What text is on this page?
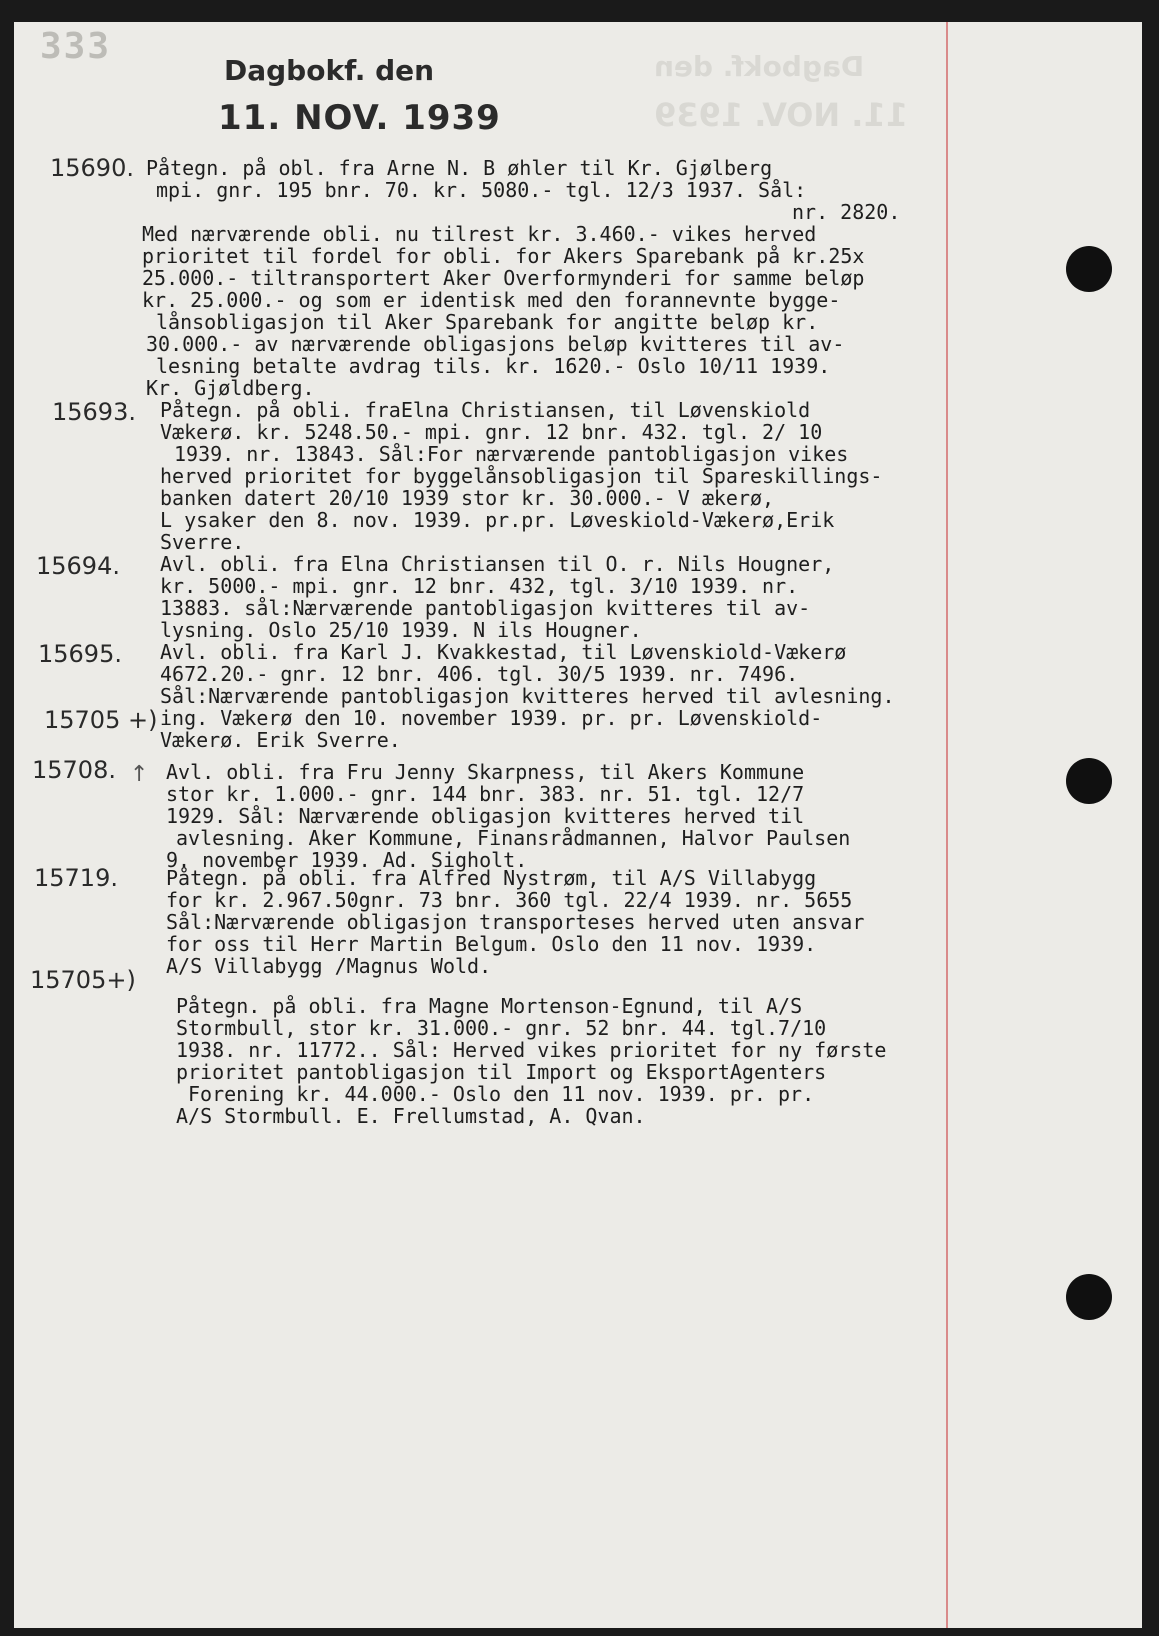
333	Dagbokf. den
11. NOV. 1939
Dagbokf. den
11. NOV. 1939
15690. Påtegn. på obl. fra Arne N. B øhler til Kr. Gjølberg
mpi. gnr. 195 bnr. 70. kr. 5080.- tgl. 12/3 1937. Sål:
nr. 2820.
Med nærværende obli. nu tilrest kr. 3.460.- vikes herved
prioritet til fordel for obli. for Akers Sparebank på kr.25x
25.000.- tiltransportert Aker Overformynderi for samme beløp
kr. 25.000.- og som er identisk med den forannevnte bygge-
lånsobligasjon til Aker Sparebank for angitte beløp kr.
30.000.- av nærværende obligasjons beløp kvitteres til av-
lesning betalte avdrag tils. kr. 1620.- Oslo 10/11 1939.
Kr. Gjøldberg.
15693. Påtegn. på obli. fraElna Christiansen, til Løvenskiold
Vækerø. kr. 5248.50.- mpi. gnr. 12 bnr. 432. tgl. 2/ 10
1939. nr. 13843. Sål:For nærværende pantobligasjon vikes
herved prioritet for byggelånsobligasjon til Spareskillings-
banken datert 20/10 1939 stor kr. 30.000.- V ækerø,
L ysaker den 8. nov. 1939. pr.pr. Løveskiold-Vækerø,Erik
Sverre.
15694. Avl. obli. fra Elna Christiansen til O. r. Nils Hougner,
kr. 5000.- mpi. gnr. 12 bnr. 432, tgl. 3/10 1939. nr.
13883. sål:Nærværende pantobligasjon kvitteres til av-
lysning. Oslo 25/10 1939. N ils Hougner.
15695. Avl. obli. fra Karl J. Kvakkestad, til Løvenskiold-Vækerø
4672.20.- gnr. 12 bnr. 406. tgl. 30/5 1939. nr. 7496.
Sål:Nærværende pantobligasjon kvitteres herved til avlesning.
ing. Vækerø den 10. november 1939. pr. pr. Løvenskiold-
Vækerø. Erik Sverre.
15705 +)
↑
15708.	Avl. obli. fra Fru Jenny Skarpness, til Akers Kommune
stor kr. 1.000.- gnr. 144 bnr. 383. nr. 51. tgl. 12/7
1929. Sål: Nærværende obligasjon kvitteres herved til
avlesning. Aker Kommune, Finansrådmannen, Halvor Paulsen
9. november 1939. Ad. Sigholt.
15719. Påtegn. på obli. fra Alfred Nystrøm, til A/S Villabygg
for kr. 2.967.50gnr. 73 bnr. 360 tgl. 22/4 1939. nr. 5655
Sål:Nærværende obligasjon transporteses herved uten ansvar
for oss til Herr Martin Belgum. Oslo den 11 nov. 1939.
A/S Villabygg /Magnus Wold.
15705+)
Påtegn. på obli. fra Magne Mortenson-Egnund, til A/S
Stormbull, stor kr. 31.000.- gnr. 52 bnr. 44. tgl.7/10
1938. nr. 11772.. Sål: Herved vikes prioritet for ny første
prioritet pantobligasjon til Import og EksportAgenters
Forening kr. 44.000.- Oslo den 11 nov. 1939. pr. pr.
A/S Stormbull. E. Frellumstad, A. Qvan.
